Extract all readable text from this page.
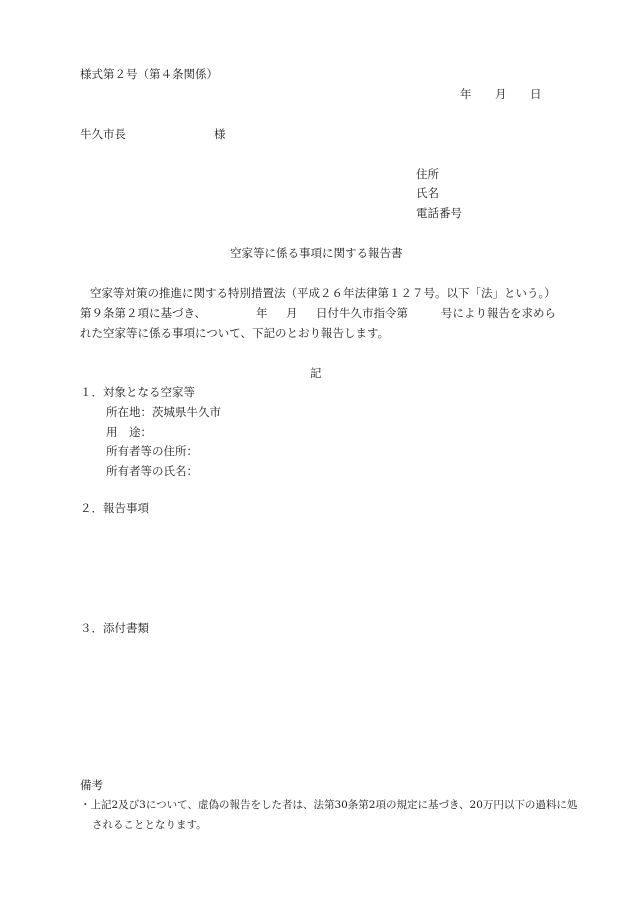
様式第２号（第４条関係）
年 月 日
牛久市長	様
住所
氏名
電話番号
空家等に係る事項に関する報告書
空家等対策の推進に関する特別措置法（平成２６年法律第１２７号。以下「法」という。）
第９条第２項に基づき、	年 月 日付牛久市指令第	号により報告を求めら
れた空家等に係る事項について、下記のとおり報告します。
記
１．対象となる空家等
所在地：茨城県牛久市
用　途：
所有者等の住所：
所有者等の氏名：
２．報告事項
３．添付書類
備考
・上記2及び3について、虚偽の報告をした者は、法第30条第2項の規定に基づき、20万円以下の過料に処
されることとなります。
